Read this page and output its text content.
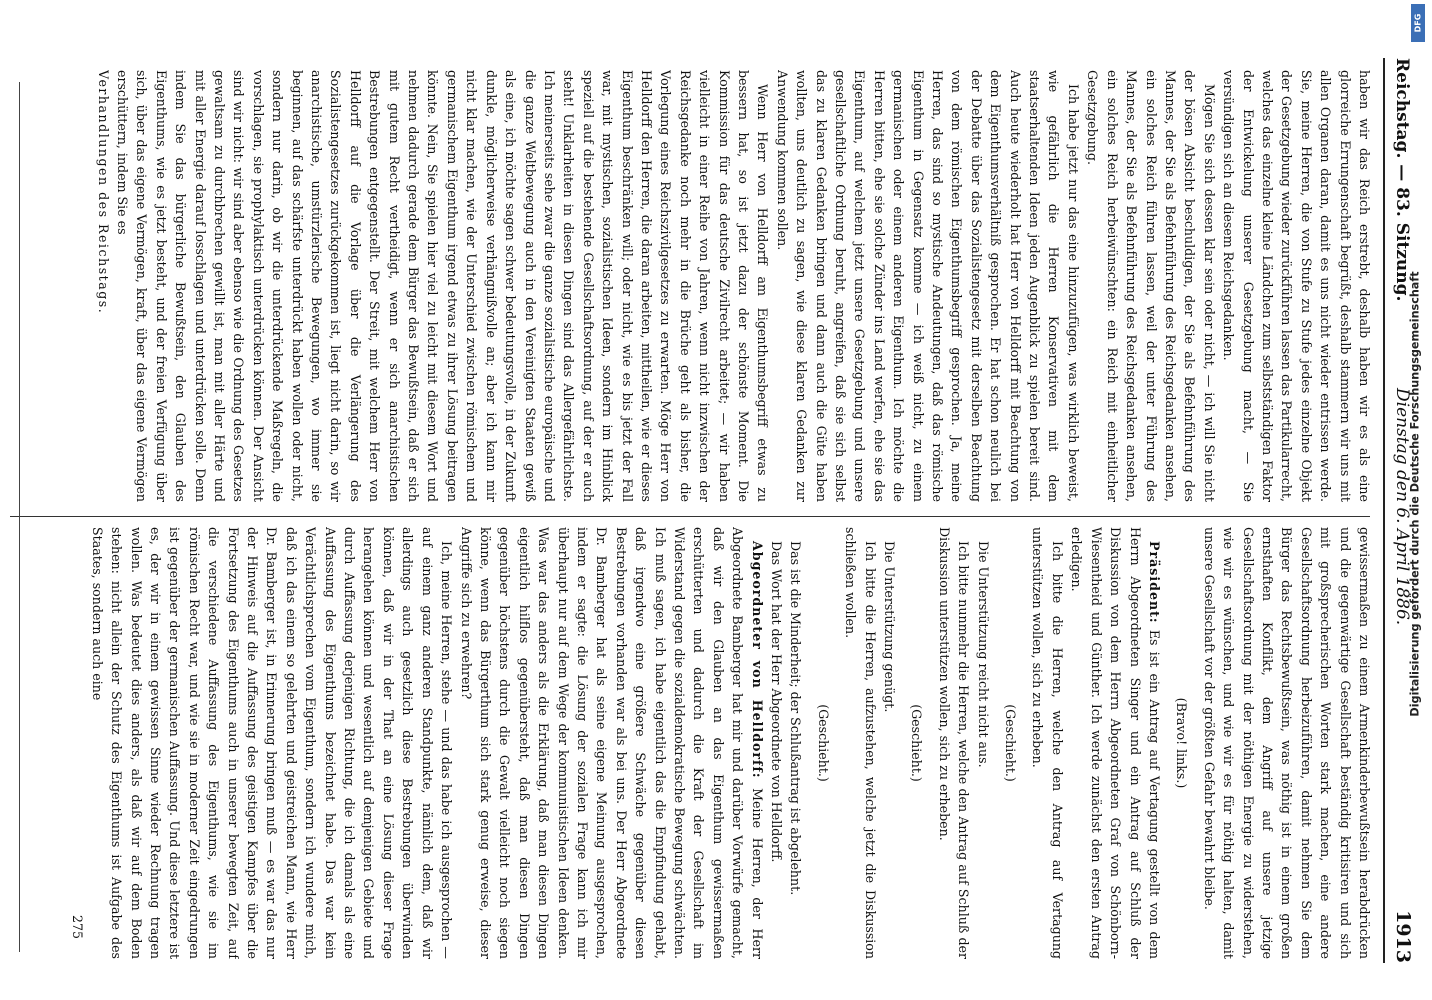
Reichstag. — 83. Sitzung.
Dienstag den 6. April 1886.
1913

haben wir das Reich erstrebt, deshalb haben wir es als eine glorreiche Errungenschaft begrüßt, deshalb stammern wir uns mit allen Organen daran, damit es uns nicht wieder entrissen werde. Sie, meine Herren, die von Stufe zu Stufe jedes einzelne Objekt der Gesetzgebung wieder zurückführen lassen das Partikularrecht, welches das einzelne kleine Ländchen zum selbstständigen Faktor der Entwickelung unserer Gesetzgebung macht, — Sie versündigen sich an diesem Reichsgedanken.

Mögen Sie sich dessen klar sein oder nicht, — ich will Sie nicht der bösen Absicht beschuldigen, der Sie als Befehnführung des Mannes, der Sie als Befehnführung des Reichsgedanken ansehen, ein solches Reich führen lassen, weil der unter Führung des Mannes, der Sie als Befehnführung des Reichsgedanken ansehen, ein solches Reich herbeiwünschten: ein Reich mit einheitlicher Gesetzgebung.

Ich habe jetzt nur das eine hinzuzufügen, was wirklich beweist, wie gefährlich die Herren Konservativen mit dem staatserhaltenden Ideen jeden Augenblick zu spielen bereit sind. Auch heute wiederholt hat Herr von Helldorff mit Beachtung von dem Eigenthumsverhältniß gesprochen. Er hat schon neulich bei der Debatte über das Sozialistengesetz mit derselben Beachtung von dem römischen Eigenthumsbegriff gesprochen. Ja, meine Herren, das sind so mystische Andeutungen, daß das römische Eigenthum in Gegensatz komme — ich weiß nicht, zu einem germanischen oder einem anderen Eigenthum. Ich möchte die Herren bitten, ehe sie solche Zünder ins Land werfen, ehe sie das Eigenthum, auf welchem jetzt unsere Gesetzgebung und unsere gesellschaftliche Ordnung beruht, angreifen, daß sie sich selbst das zu klaren Gedanken bringen und dann auch die Güte haben wollten, uns deutlich zu sagen, wie diese klaren Gedanken zur Anwendung kommen sollen.

Wenn Herr von Helldorff am Eigenthumsbegriff etwas zu bessern hat, so ist jetzt dazu der schönste Moment. Die Kommission für das deutsche Zivilrecht arbeitet; — wir haben vielleicht in einer Reihe von Jahren, wenn nicht inzwischen der Reichsgedanke noch mehr in die Brüche geht als bisher, die Vorlegung eines Reichszivilgesetzes zu erwarten. Möge Herr von Helldorff den Herren, die daran arbeiten, mittheilen, wie er dieses Eigenthum beschränken will; oder nicht, wie es bis jetzt der Fall war, mit mystischen, sozialistischen Ideen, sondern im Hinblick speziell auf die bestehende Gesellschaftsordnung, auf der er auch steht! Unklarheiten in diesen Dingen sind das Allergefährlichste. Ich meinerseits sehe zwar die ganze sozialistische europäische und die ganze Weltbewegung auch in den Vereinigten Staaten gewiß als eine, ich möchte sagen schwer bedeutungsvolle, in der Zukunft dunkle, möglicherweise verhängnißvolle an; aber ich kann mir nicht klar machen, wie der Unterschied zwischen römischem und germanischem Eigenthum irgend etwas zu ihrer Lösung beitragen könnte. Nein, Sie spielen hier viel zu leicht mit diesem Wort und nehmen dadurch gerade dem Bürger das Bewußtsein, daß er sich mit gutem Recht vertheidigt, wenn er sich anarchistischen Bestrebungen entgegenstellt. Der Streit, mit welchem Herr von Helldorff auf die Vorlage über die Verlängerung des Sozialistengesetzes zurückgekommen ist, liegt nicht darin, so wir anarchistische, umstürzlerische Bewegungen, wo immer sie beginnen, auf das schärfste unterdrückt haben wollen oder nicht, sondern nur darin, ob wir die unterdrückende Maßregeln, die vorschlagen, sie prophylaktisch unterdrücken können. Der Ansicht sind wir nicht: wir sind aber ebenso wie die Ordnung des Gesetzes gewaltsam zu durchbrechen gewillt ist, man mit aller Härte und mit aller Energie darauf losschlagen und unterdrücken solle. Denn indem Sie das bürgerliche Bewußtsein, den Glauben des Eigenthums, wie es jetzt besteht, und der freien Verfügung über sich, über das eigene Vermögen, kraft, über das eigene Vermögen erschüttern, indem Sie es

Verhandlungen des Reichstags.

gewissermaßen zu einem Armenkinderbewußtsein herabdrücken und die gegenwärtige Gesellschaft beständig kritisiren und sich mit großsprecherischen Worten stark machen, eine andere Gesellschaftsordnung herbeizuführen, damit nehmen Sie dem Bürger das Rechtsbewußtsein, was nöthig ist in einem großen ernsthaften Konflikt, dem Angriff auf unsere jetzige Gesellschaftsordnung mit der nöthigen Energie zu widerstehen, wie wir es wünschen, und wie wir es für nöthig halten, damit unsere Gesellschaft vor der größten Gefahr bewahrt bleibe.

(Bravo! links.)

Präsident: Es ist ein Antrag auf Vertagung gestellt von dem Herrn Abgeordneten Singer und ein Antrag auf Schluß der Diskussion von dem Herrn Abgeordneten Graf von Schönborn-Wiesentheid und Günther. Ich werde zunächst den ersten Antrag erledigen.

Ich bitte die Herren, welche den Antrag auf Vertagung unterstützen wollen, sich zu erheben.

(Geschieht.)

Die Unterstützung reicht nicht aus.

Ich bitte nunmehr die Herren, welche den Antrag auf Schluß der Diskussion unterstützen wollen, sich zu erheben.

(Geschieht.)

Die Unterstützung genügt.

Ich bitte die Herren, aufzustehen, welche jetzt die Diskussion schließen wollen.

(Geschieht.)

Das ist die Minderheit; der Schlußantrag ist abgelehnt.

Das Wort hat der Herr Abgeordnete von Helldorff.

Abgeordneter von Helldorff: Meine Herren, der Herr Abgeordnete Bamberger hat mir und darüber Vorwürfe gemacht, daß wir den Glauben an das Eigenthum gewissermaßen erschütterten und dadurch die Kraft der Gesellschaft im Widerstand gegen die sozialdemokratische Bewegung schwächten. Ich muß sagen, ich habe eigentlich das die Empfindung gehabt, daß irgendwo eine größere Schwäche gegenüber diesen Bestrebungen vorhanden war als bei uns. Der Herr Abgeordnete Dr. Bamberger hat als seine eigene Meinung ausgesprochen, indem er sagte: die Lösung der sozialen Frage kann ich mir überhaupt nur auf dem Wege der kommunistischen Ideen denken. Was war das anders als die Erklärung, daß man diesen Dingen eigentlich hilflos gegenübersteht, daß man diesen Dingen gegenüber höchstens durch die Gewalt vielleicht noch siegen könne, wenn das Bürgerthum sich stark genug erweise, dieser Angriffe sich zu erwehren?

Ich, meine Herren, stehe — und das habe ich ausgesprochen — auf einem ganz anderen Standpunkte, nämlich dem, daß wir allerdings auch gesetzlich diese Bestrebungen überwinden können, daß wir in der That an eine Lösung dieser Frage herangehen können und wesentlich auf demjenigen Gebiete und durch Auffassung derjenigen Richtung, die ich damals als eine Auffassung des Eigenthums bezeichnet habe. Das war kein Verächtlichsprechen vom Eigenthum, sondern ich wundere mich, daß ich das einem so gelehrten und geistreichen Mann, wie Herr Dr. Bamberger ist, in Erinnerung bringen muß — es war das nur der Hinweis auf die Auffassung des geistigen Kampfes über die Fortsetzung des Eigenthums auch in unserer bewegten Zeit, auf die verschiedene Auffassung des Eigenthums, wie sie im römischen Recht war, und wie sie in moderner Zeit eingedrungen ist gegenüber der germanischen Auffassung. Und diese letztere ist es, der wir in einem gewissen Sinne wieder Rechnung tragen wollen. Was bedeutet dies anders, als daß wir auf dem Boden stehen: nicht allein der Schutz des Eigenthums ist Aufgabe des Staates, sondern auch eine

275

Digitalisierung gefördert durch die Deutsche Forschungsgemeinschaft
DFG
